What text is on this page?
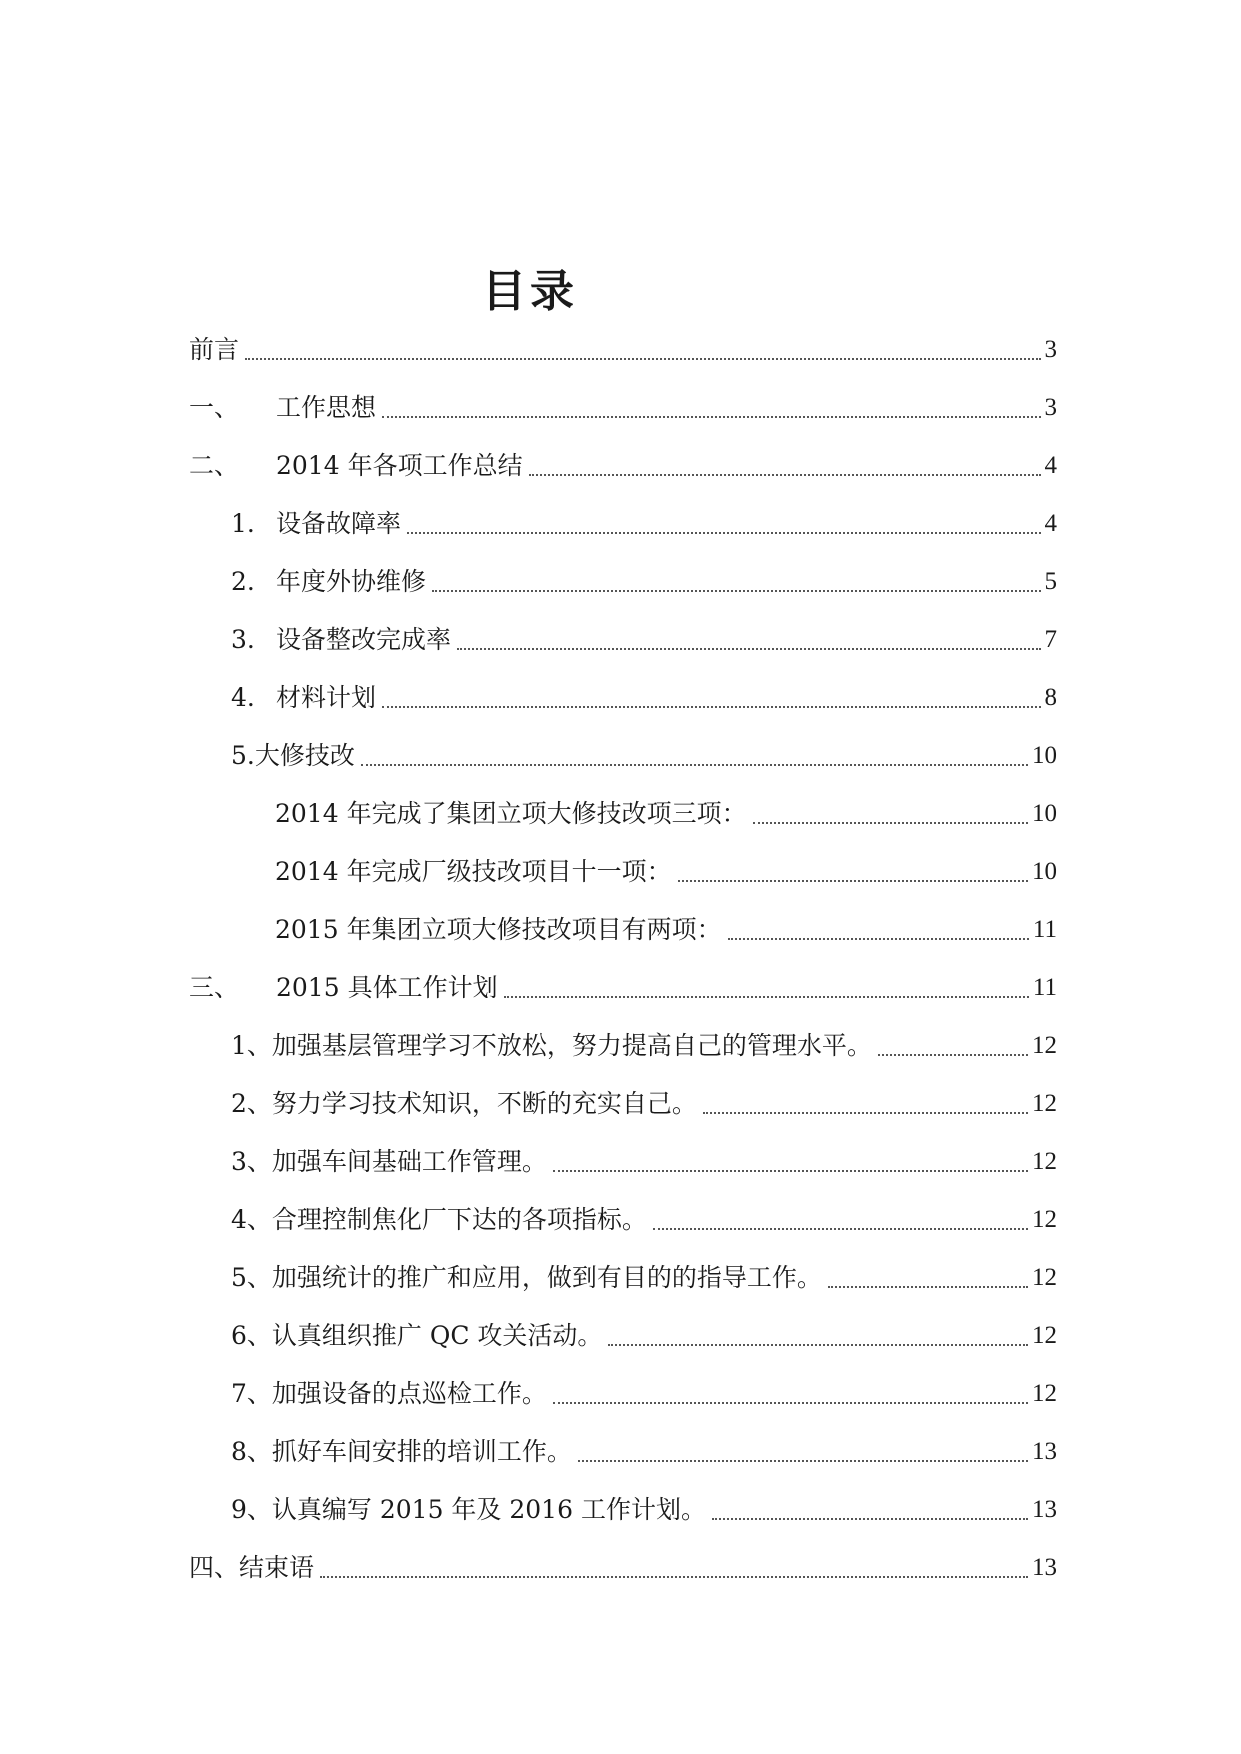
目录
前言	3
一、	工作思想	3
二、	2014 年各项工作总结	4
1. 设备故障率	4
2. 年度外协维修	5
3. 设备整改完成率	7
4. 材料计划	8
5.大修技改	10
2014 年完成了集团立项大修技改项三项：	10
2014 年完成厂级技改项目十一项：	10
2015 年集团立项大修技改项目有两项：	11
三、	2015 具体工作计划	11
1、加强基层管理学习不放松，努力提高自己的管理水平。	12
2、努力学习技术知识，不断的充实自己。	12
3、加强车间基础工作管理。	12
4、合理控制焦化厂下达的各项指标。	12
5、加强统计的推广和应用，做到有目的的指导工作。	12
6、认真组织推广 QC 攻关活动。	12
7、加强设备的点巡检工作。	12
8、抓好车间安排的培训工作。	13
9、认真编写 2015 年及 2016 工作计划。	13
四、结束语	13
